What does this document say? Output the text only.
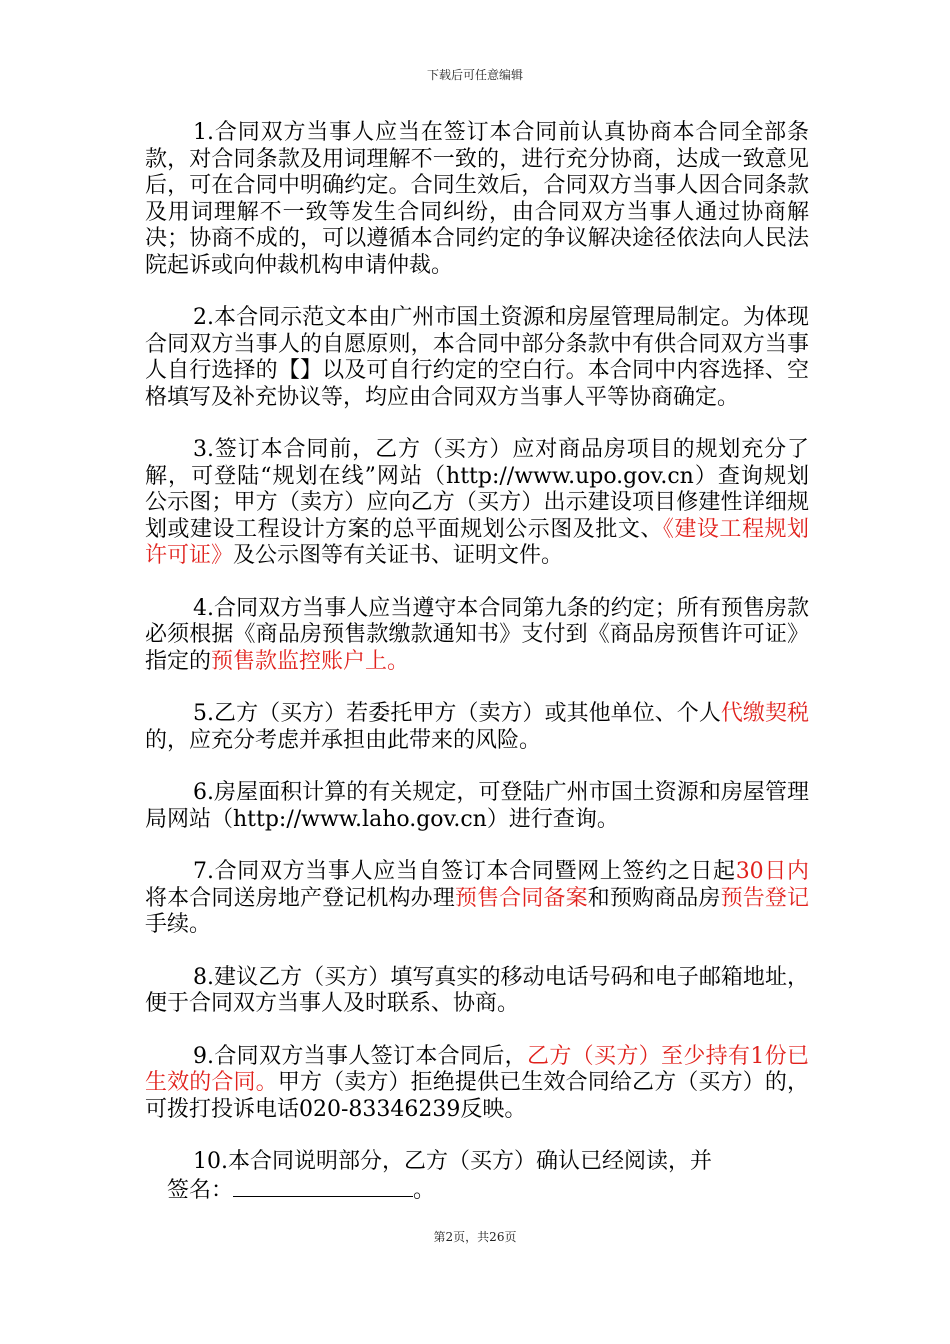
下载后可任意编辑

1.合同双方当事人应当在签订本合同前认真协商本合同全部条款，对合同条款及用词理解不一致的，进行充分协商，达成一致意见后，可在合同中明确约定。合同生效后，合同双方当事人因合同条款及用词理解不一致等发生合同纠纷，由合同双方当事人通过协商解决；协商不成的，可以遵循本合同约定的争议解决途径依法向人民法院起诉或向仲裁机构申请仲裁。

2.本合同示范文本由广州市国土资源和房屋管理局制定。为体现合同双方当事人的自愿原则，本合同中部分条款中有供合同双方当事人自行选择的【】以及可自行约定的空白行。本合同中内容选择、空格填写及补充协议等，均应由合同双方当事人平等协商确定。

3.签订本合同前，乙方（买方）应对商品房项目的规划充分了解，可登陆“规划在线”网站（http://www.upo.gov.cn）查询规划公示图；甲方（卖方）应向乙方（买方）出示建设项目修建性详细规划或建设工程设计方案的总平面规划公示图及批文、《建设工程规划许可证》及公示图等有关证书、证明文件。

4.合同双方当事人应当遵守本合同第九条的约定；所有预售房款必须根据《商品房预售款缴款通知书》支付到《商品房预售许可证》指定的预售款监控账户上。

5.乙方（买方）若委托甲方（卖方）或其他单位、个人代缴契税的，应充分考虑并承担由此带来的风险。

6.房屋面积计算的有关规定，可登陆广州市国土资源和房屋管理局网站（http://www.laho.gov.cn）进行查询。

7.合同双方当事人应当自签订本合同暨网上签约之日起30日内将本合同送房地产登记机构办理预售合同备案和预购商品房预告登记手续。

8.建议乙方（买方）填写真实的移动电话号码和电子邮箱地址，便于合同双方当事人及时联系、协商。

9.合同双方当事人签订本合同后，乙方（买方）至少持有1份已生效的合同。甲方（卖方）拒绝提供已生效合同给乙方（买方）的，可拨打投诉电话020-83346239反映。

10.本合同说明部分，乙方（买方）确认已经阅读，并

签名：	。

第2页，共26页
